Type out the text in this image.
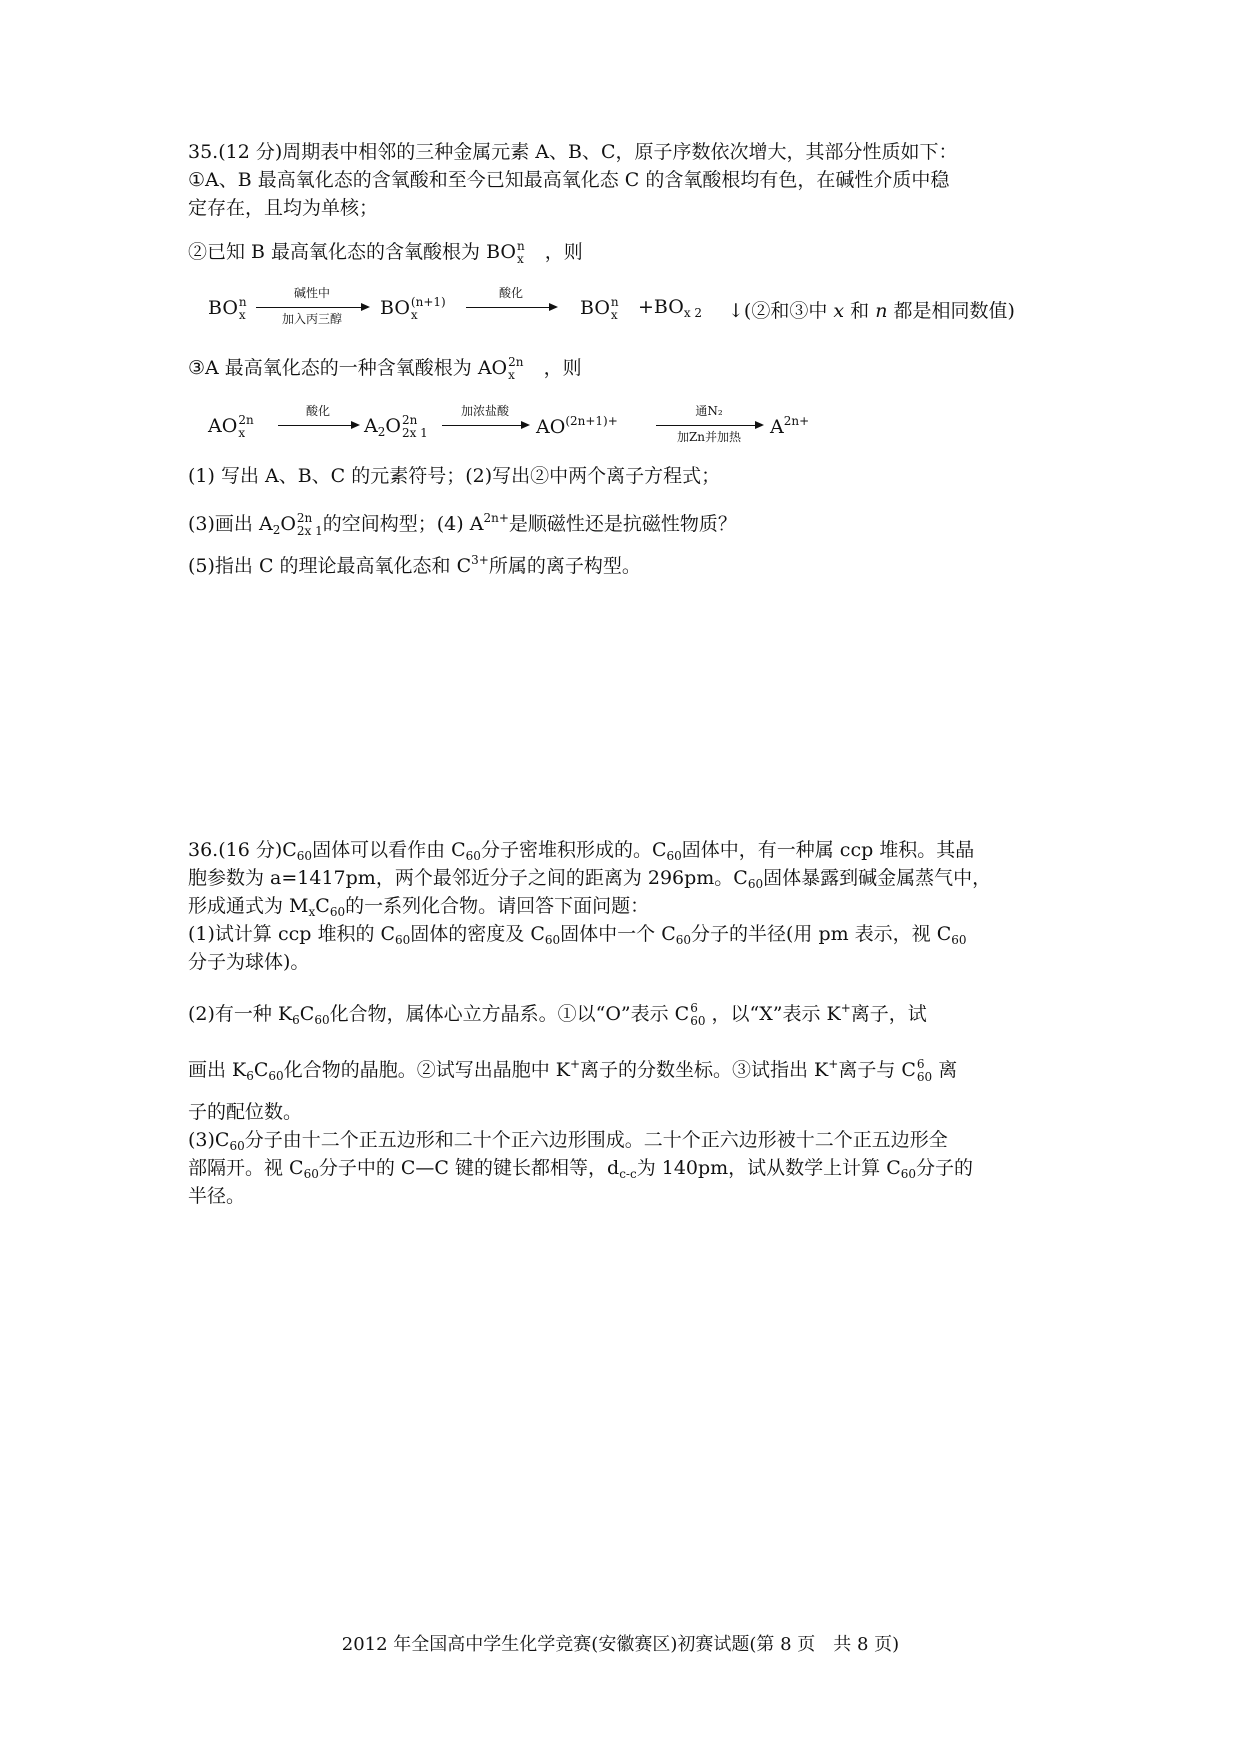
35.(12 分)周期表中相邻的三种金属元素 A、B、C，原子序数依次增大，其部分性质如下：
①A、B 最高氧化态的含氧酸和至今已知最高氧化态 C 的含氧酸根均有色，在碱性介质中稳
定存在，且均为单核；
②已知 B 最高氧化态的含氧酸根为 BO n
x ，则
BO n
x
碱性中
加入丙三醇	BO (n+1)
x
酸化
BO n
$x +BO_{x 2}$ ↓(②和③中 x 和 n 都是相同数值)
③A 最高氧化态的一种含氧酸根为 AO 2n
x	，则
AO 2n
x
酸化
$A_2O$ 2n
2x 1
加浓盐酸
$AO^{(2n+1)+}$
通N₂
加Zn并加热	$A^{2n+}$
(1) 写出 A、B、C 的元素符号；(2)写出②中两个离子方程式；
(3)画出 $A_2O$ 2n
2x 1 的空间构型；(4) $A^{2n+}$是顺磁性还是抗磁性物质？
(5)指出 C 的理论最高氧化态和 $C^{3+}$所属的离子构型。
36.(16 分)$C_{60}$固体可以看作由 $C_{60}$分子密堆积形成的。$C_{60}$固体中，有一种属 ccp 堆积。其晶
胞参数为 a=1417pm，两个最邻近分子之间的距离为 296pm。$C_{60}$固体暴露到碱金属蒸气中，
形成通式为 $M_xC_{60}$的一系列化合物。请回答下面问题：
(1)试计算 ccp 堆积的 $C_{60}$固体的密度及 $C_{60}$固体中一个 $C_{60}$分子的半径(用 pm 表示，视 $C_{60}$
分子为球体)。
(2)有一种 $K_6C_{60}$化合物，属体心立方晶系。①以“O”表示 C 6
60 ，以“X”表示 K+离子，试
画出 $K_6C_{60}$化合物的晶胞。②试写出晶胞中 K+离子的分数坐标。③试指出 K+离子与 C 6
60 离
子的配位数。
$(3)C_{60}$分子由十二个正五边形和二十个正六边形围成。二十个正六边形被十二个正五边形全
部隔开。视 $C_{60}$分子中的 C—C 键的键长都相等，$d_{c-c}$为 140pm，试从数学上计算 $C_{60}$分子的
半径。
2012 年全国高中学生化学竞赛(安徽赛区)初赛试题(第 8 页　共 8 页)
